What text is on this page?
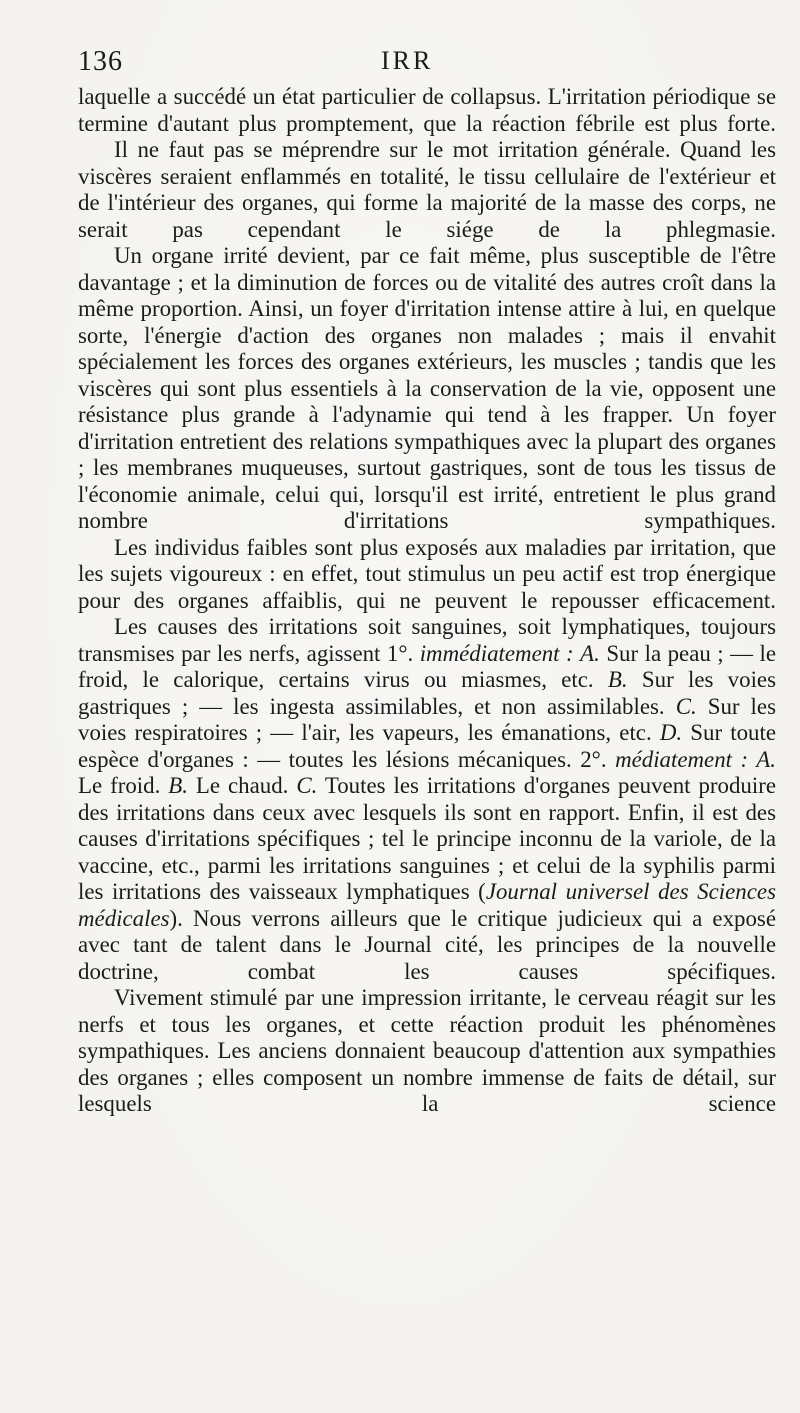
136	IRR

laquelle a succédé un état particulier de collapsus. L'irritation périodique se termine d'autant plus promptement, que la réaction fébrile est plus forte.

Il ne faut pas se méprendre sur le mot irritation générale. Quand les viscères seraient enflammés en totalité, le tissu cellulaire de l'extérieur et de l'intérieur des organes, qui forme la majorité de la masse des corps, ne serait pas cependant le siége de la phlegmasie.

Un organe irrité devient, par ce fait même, plus susceptible de l'être davantage ; et la diminution de forces ou de vitalité des autres croît dans la même proportion. Ainsi, un foyer d'irritation intense attire à lui, en quelque sorte, l'énergie d'action des organes non malades ; mais il envahit spécialement les forces des organes extérieurs, les muscles ; tandis que les viscères qui sont plus essentiels à la conservation de la vie, opposent une résistance plus grande à l'adynamie qui tend à les frapper. Un foyer d'irritation entretient des relations sympathiques avec la plupart des organes ; les membranes muqueuses, surtout gastriques, sont de tous les tissus de l'économie animale, celui qui, lorsqu'il est irrité, entretient le plus grand nombre d'irritations sympathiques.

Les individus faibles sont plus exposés aux maladies par irritation, que les sujets vigoureux : en effet, tout stimulus un peu actif est trop énergique pour des organes affaiblis, qui ne peuvent le repousser efficacement.

Les causes des irritations soit sanguines, soit lymphatiques, toujours transmises par les nerfs, agissent 1°. immédiatement : A. Sur la peau ; — le froid, le calorique, certains virus ou miasmes, etc. B. Sur les voies gastriques ; — les ingesta assimilables, et non assimilables. C. Sur les voies respiratoires ; — l'air, les vapeurs, les émanations, etc. D. Sur toute espèce d'organes : — toutes les lésions mécaniques. 2°. médiatement : A. Le froid. B. Le chaud. C. Toutes les irritations d'organes peuvent produire des irritations dans ceux avec lesquels ils sont en rapport. Enfin, il est des causes d'irritations spécifiques ; tel le principe inconnu de la variole, de la vaccine, etc., parmi les irritations sanguines ; et celui de la syphilis parmi les irritations des vaisseaux lymphatiques (Journal universel des Sciences médicales). Nous verrons ailleurs que le critique judicieux qui a exposé avec tant de talent dans le Journal cité, les principes de la nouvelle doctrine, combat les causes spécifiques.

Vivement stimulé par une impression irritante, le cerveau réagit sur les nerfs et tous les organes, et cette réaction produit les phénomènes sympathiques. Les anciens donnaient beaucoup d'attention aux sympathies des organes ; elles composent un nombre immense de faits de détail, sur lesquels la science
